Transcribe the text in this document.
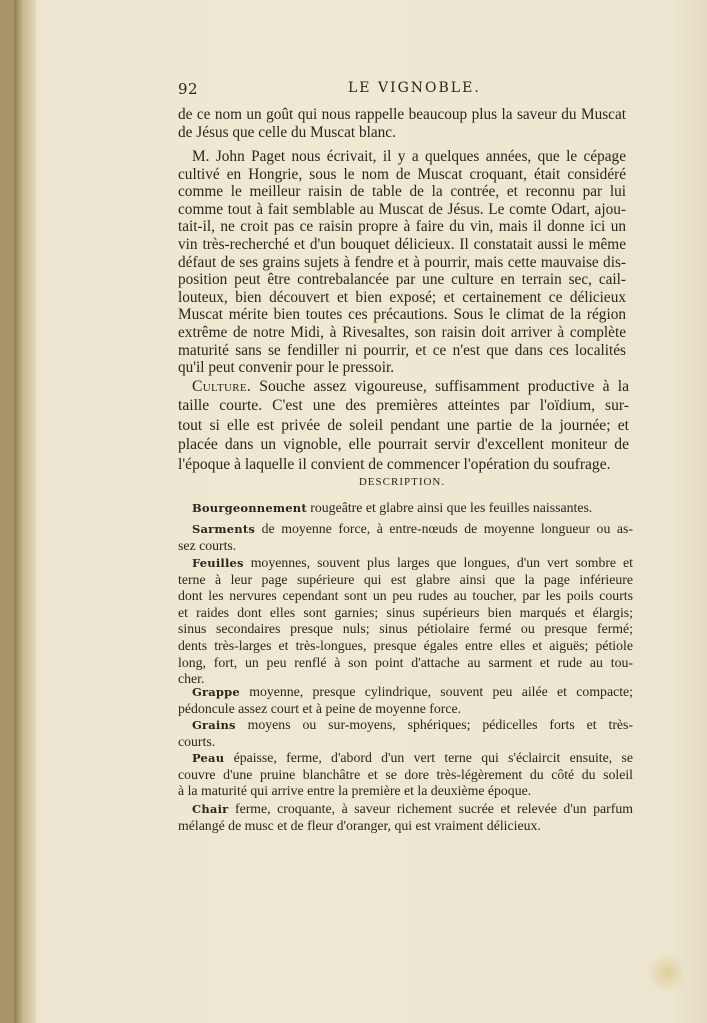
92	LE VIGNOBLE.
de ce nom un goût qui nous rappelle beaucoup plus la saveur du Muscat
de Jésus que celle du Muscat blanc.
M. John Paget nous écrivait, il y a quelques années, que le cépage
cultivé en Hongrie, sous le nom de Muscat croquant, était considéré
comme le meilleur raisin de table de la contrée, et reconnu par lui
comme tout à fait semblable au Muscat de Jésus. Le comte Odart, ajou-
tait-il, ne croit pas ce raisin propre à faire du vin, mais il donne ici un
vin très-recherché et d'un bouquet délicieux. Il constatait aussi le même
défaut de ses grains sujets à fendre et à pourrir, mais cette mauvaise dis-
position peut être contrebalancée par une culture en terrain sec, cail-
louteux, bien découvert et bien exposé; et certainement ce délicieux
Muscat mérite bien toutes ces précautions. Sous le climat de la région
extrême de notre Midi, à Rivesaltes, son raisin doit arriver à complète
maturité sans se fendiller ni pourrir, et ce n'est que dans ces localités
qu'il peut convenir pour le pressoir.
Culture. Souche assez vigoureuse, suffisamment productive à la
taille courte. C'est une des premières atteintes par l'oïdium, sur-
tout si elle est privée de soleil pendant une partie de la journée; et
placée dans un vignoble, elle pourrait servir d'excellent moniteur de
l'époque à laquelle il convient de commencer l'opération du soufrage.
DESCRIPTION.
Bourgeonnement rougeâtre et glabre ainsi que les feuilles naissantes.
Sarments de moyenne force, à entre-nœuds de moyenne longueur ou as-
sez courts.
Feuilles moyennes, souvent plus larges que longues, d'un vert sombre et
terne à leur page supérieure qui est glabre ainsi que la page inférieure
dont les nervures cependant sont un peu rudes au toucher, par les poils courts
et raides dont elles sont garnies; sinus supérieurs bien marqués et élargis;
sinus secondaires presque nuls; sinus pétiolaire fermé ou presque fermé;
dents très-larges et très-longues, presque égales entre elles et aiguës; pétiole
long, fort, un peu renflé à son point d'attache au sarment et rude au tou-
cher.
Grappe moyenne, presque cylindrique, souvent peu ailée et compacte;
pédoncule assez court et à peine de moyenne force.
Grains moyens ou sur-moyens, sphériques; pédicelles forts et très-
courts.
Peau épaisse, ferme, d'abord d'un vert terne qui s'éclaircit ensuite, se
couvre d'une pruine blanchâtre et se dore très-légèrement du côté du soleil
à la maturité qui arrive entre la première et la deuxième époque.
Chair ferme, croquante, à saveur richement sucrée et relevée d'un parfum
mélangé de musc et de fleur d'oranger, qui est vraiment délicieux.
